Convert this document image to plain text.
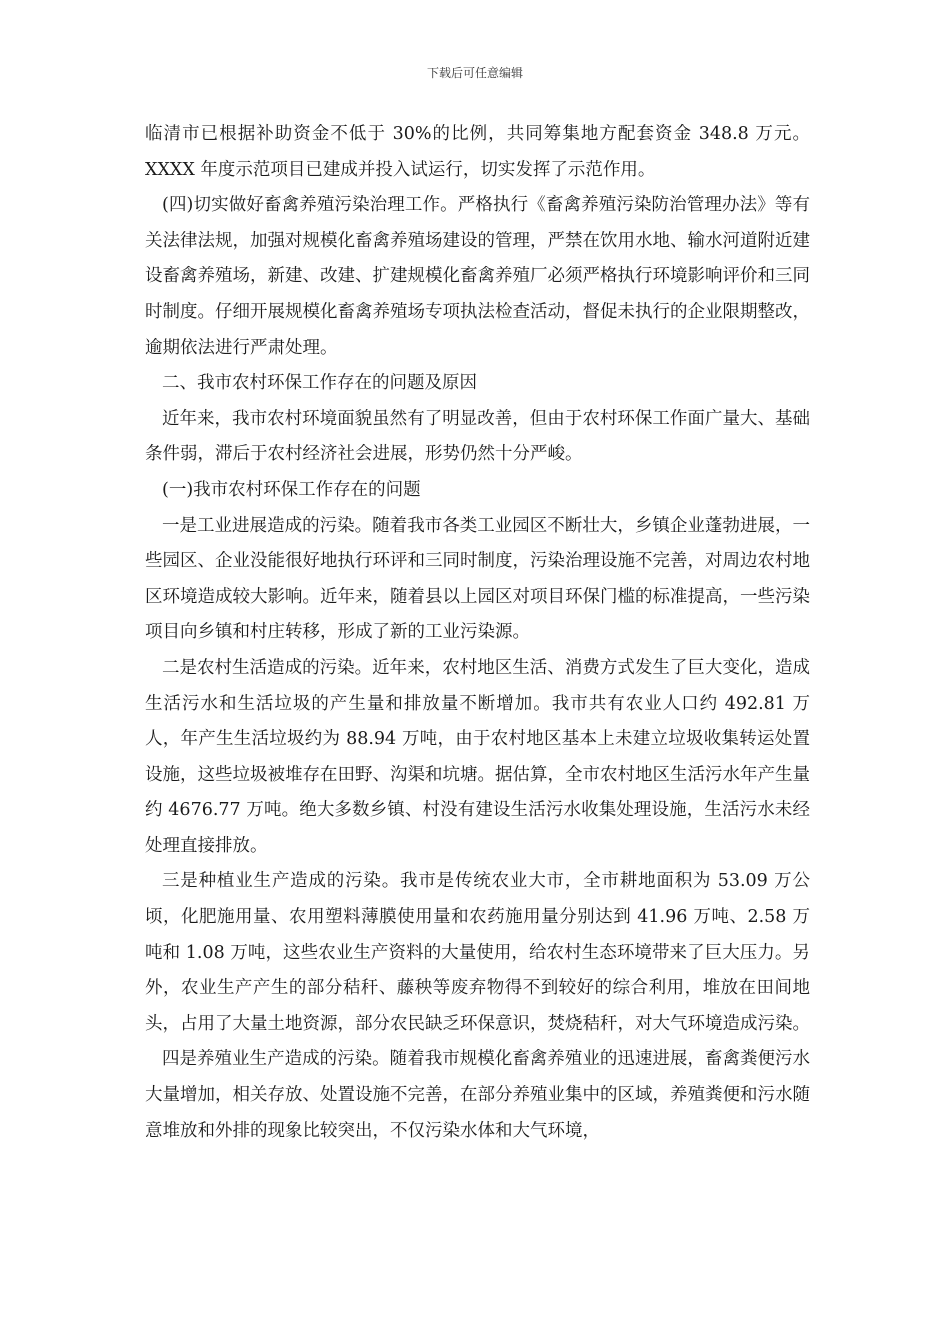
下载后可任意编辑

临清市已根据补助资金不低于 30%的比例，共同筹集地方配套资金 348.8 万元。XXXX 年度示范项目已建成并投入试运行，切实发挥了示范作用。

(四)切实做好畜禽养殖污染治理工作。严格执行《畜禽养殖污染防治管理办法》等有关法律法规，加强对规模化畜禽养殖场建设的管理，严禁在饮用水地、输水河道附近建设畜禽养殖场，新建、改建、扩建规模化畜禽养殖厂必须严格执行环境影响评价和三同时制度。仔细开展规模化畜禽养殖场专项执法检查活动，督促未执行的企业限期整改，逾期依法进行严肃处理。

二、我市农村环保工作存在的问题及原因

近年来，我市农村环境面貌虽然有了明显改善，但由于农村环保工作面广量大、基础条件弱，滞后于农村经济社会进展，形势仍然十分严峻。

(一)我市农村环保工作存在的问题

一是工业进展造成的污染。随着我市各类工业园区不断壮大，乡镇企业蓬勃进展，一些园区、企业没能很好地执行环评和三同时制度，污染治理设施不完善，对周边农村地区环境造成较大影响。近年来，随着县以上园区对项目环保门槛的标准提高，一些污染项目向乡镇和村庄转移，形成了新的工业污染源。

二是农村生活造成的污染。近年来，农村地区生活、消费方式发生了巨大变化，造成生活污水和生活垃圾的产生量和排放量不断增加。我市共有农业人口约 492.81 万人，年产生生活垃圾约为 88.94 万吨，由于农村地区基本上未建立垃圾收集转运处置设施，这些垃圾被堆存在田野、沟渠和坑塘。据估算，全市农村地区生活污水年产生量约 4676.77 万吨。绝大多数乡镇、村没有建设生活污水收集处理设施，生活污水未经处理直接排放。

三是种植业生产造成的污染。我市是传统农业大市，全市耕地面积为 53.09 万公顷，化肥施用量、农用塑料薄膜使用量和农药施用量分别达到 41.96 万吨、2.58 万吨和 1.08 万吨，这些农业生产资料的大量使用，给农村生态环境带来了巨大压力。另外，农业生产产生的部分秸秆、藤秧等废弃物得不到较好的综合利用，堆放在田间地头，占用了大量土地资源，部分农民缺乏环保意识，焚烧秸秆，对大气环境造成污染。

四是养殖业生产造成的污染。随着我市规模化畜禽养殖业的迅速进展，畜禽粪便污水大量增加，相关存放、处置设施不完善，在部分养殖业集中的区域，养殖粪便和污水随意堆放和外排的现象比较突出，不仅污染水体和大气环境，
